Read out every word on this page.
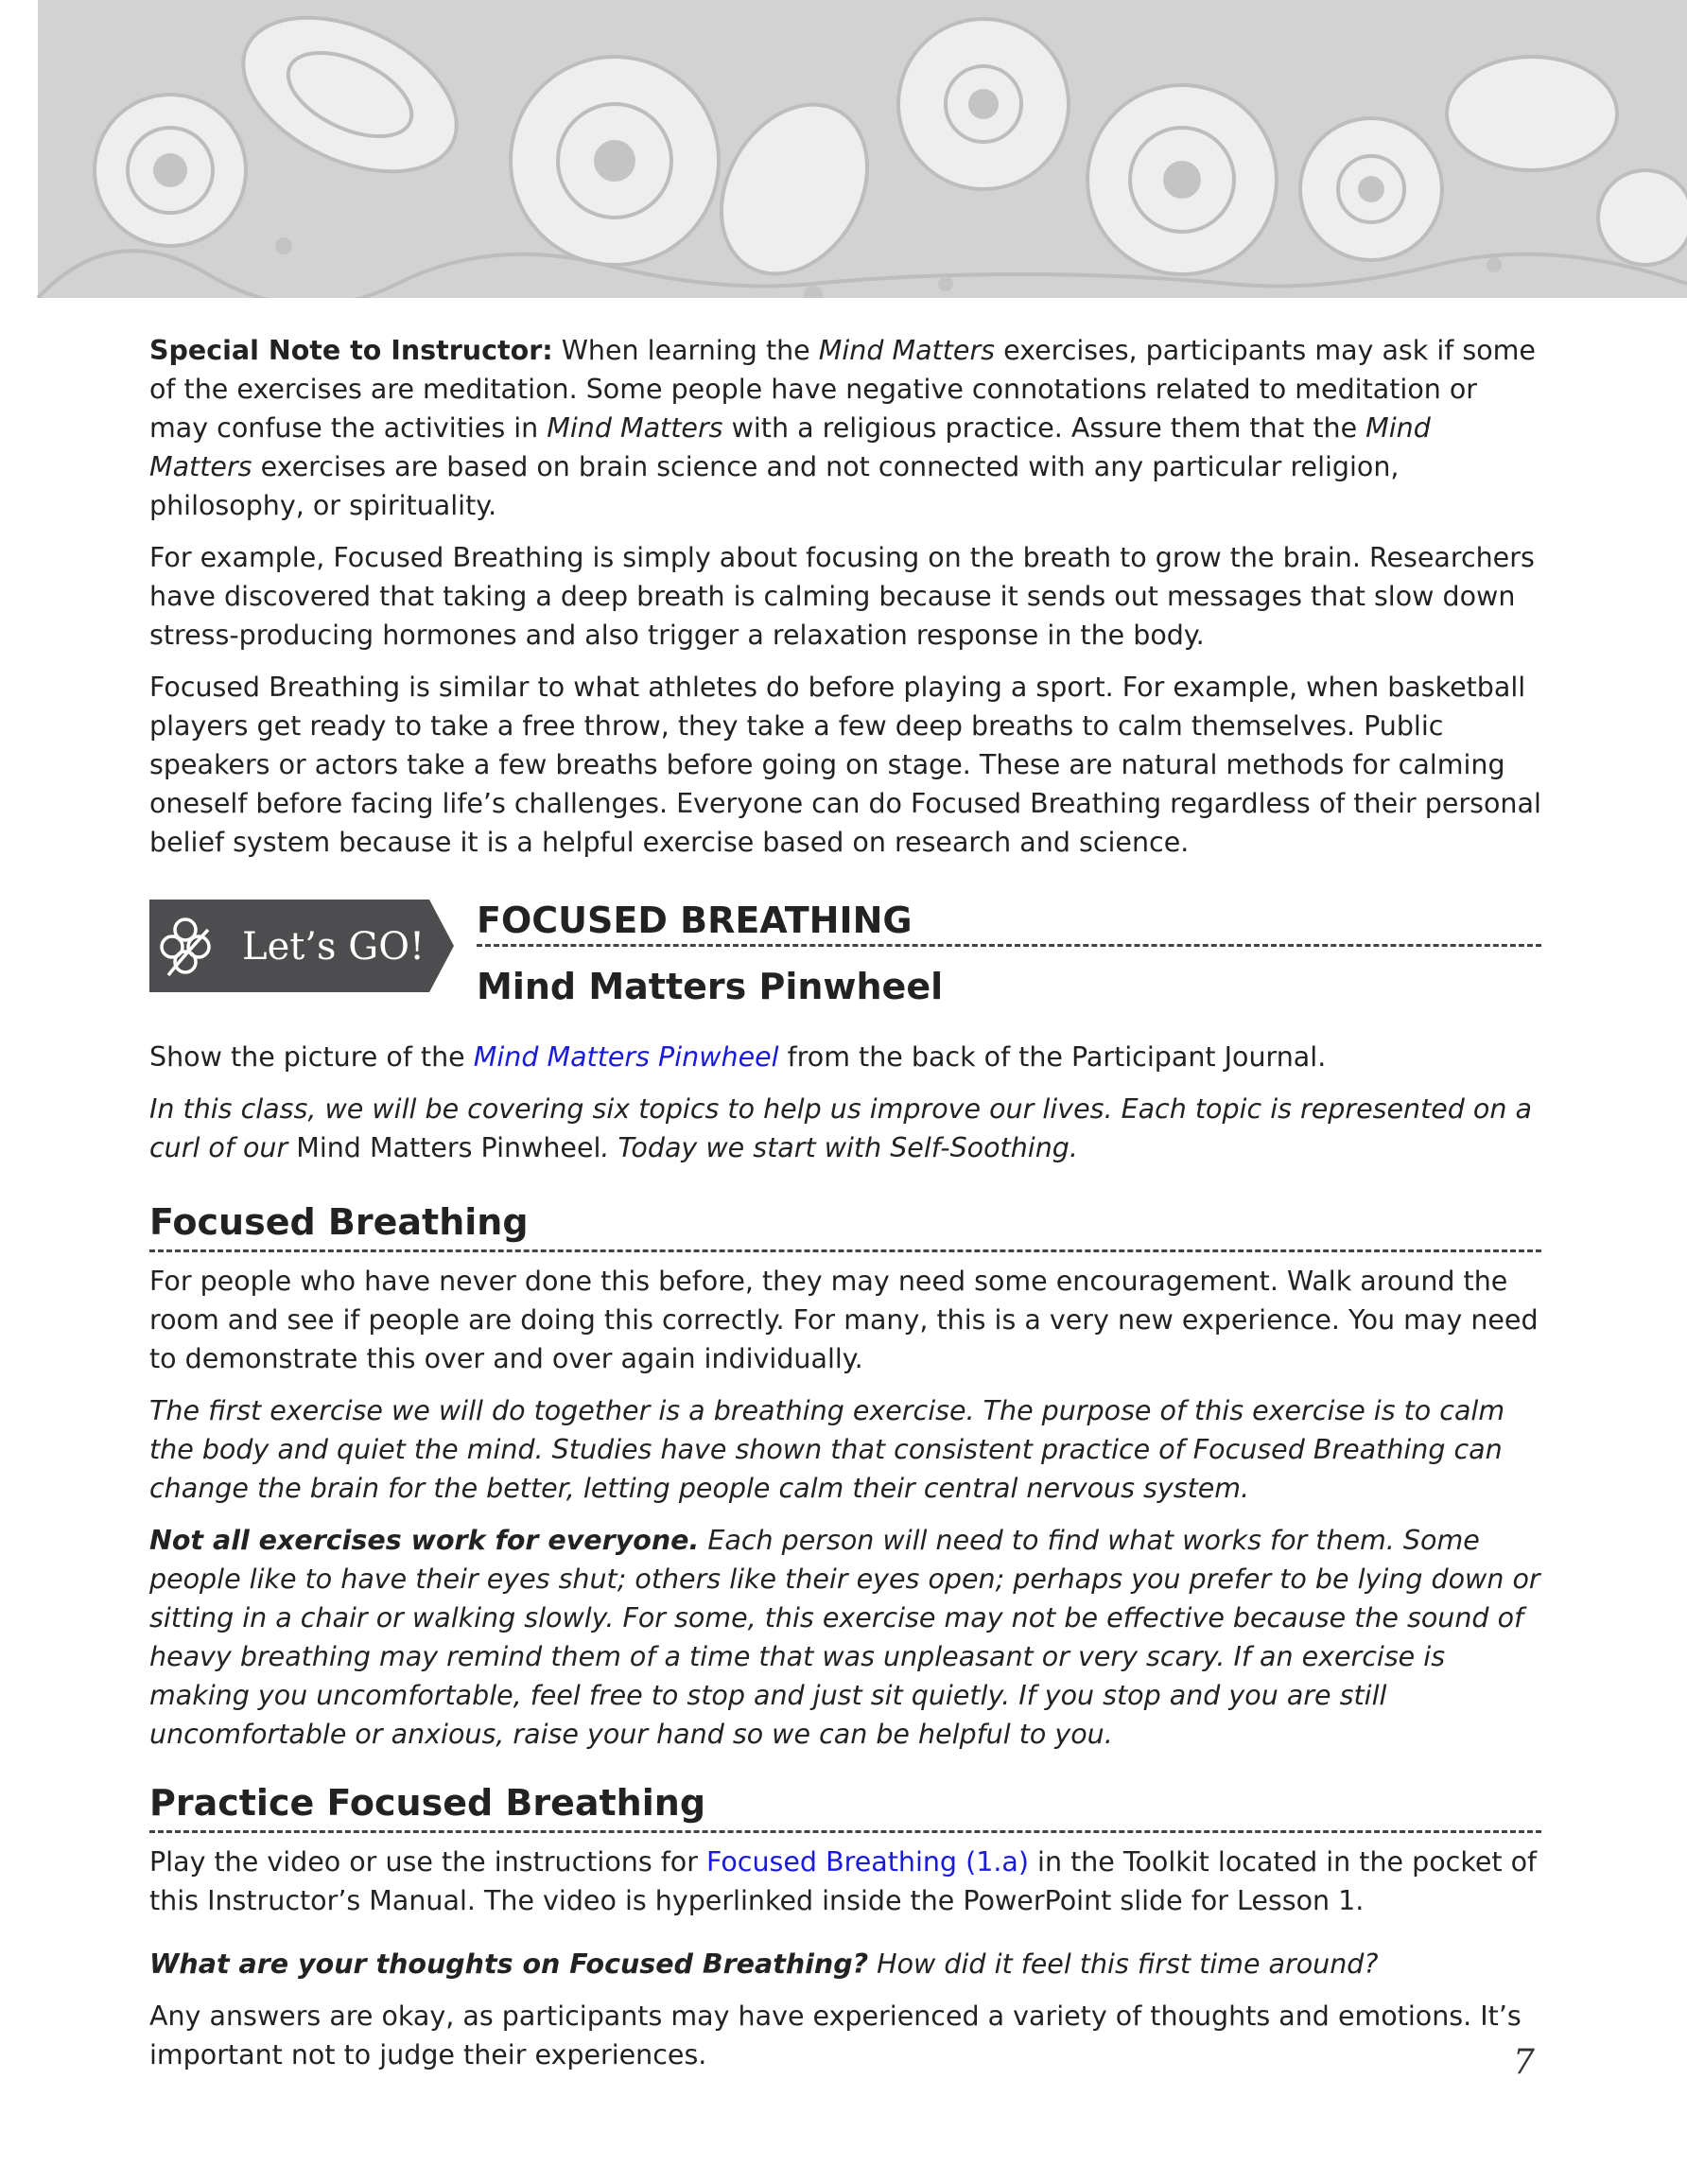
Special Note to Instructor: When learning the Mind Matters exercises, participants may ask if some of the exercises are meditation. Some people have negative connotations related to meditation or may confuse the activities in Mind Matters with a religious practice. Assure them that the Mind Matters exercises are based on brain science and not connected with any particular religion, philosophy, or spirituality.

For example, Focused Breathing is simply about focusing on the breath to grow the brain. Researchers have discovered that taking a deep breath is calming because it sends out messages that slow down stress-producing hormones and also trigger a relaxation response in the body.

Focused Breathing is similar to what athletes do before playing a sport. For example, when basketball players get ready to take a free throw, they take a few deep breaths to calm themselves. Public speakers or actors take a few breaths before going on stage. These are natural methods for calming oneself before facing life’s challenges. Everyone can do Focused Breathing regardless of their personal belief system because it is a helpful exercise based on research and science.

Let’s GO!
FOCUSED BREATHING
Mind Matters Pinwheel

Show the picture of the Mind Matters Pinwheel from the back of the Participant Journal.

In this class, we will be covering six topics to help us improve our lives. Each topic is represented on a curl of our Mind Matters Pinwheel. Today we start with Self-Soothing.

Focused Breathing

For people who have never done this before, they may need some encouragement. Walk around the room and see if people are doing this correctly. For many, this is a very new experience. You may need to demonstrate this over and over again individually.

The first exercise we will do together is a breathing exercise. The purpose of this exercise is to calm the body and quiet the mind. Studies have shown that consistent practice of Focused Breathing can change the brain for the better, letting people calm their central nervous system.

Not all exercises work for everyone. Each person will need to find what works for them. Some people like to have their eyes shut; others like their eyes open; perhaps you prefer to be lying down or sitting in a chair or walking slowly. For some, this exercise may not be effective because the sound of heavy breathing may remind them of a time that was unpleasant or very scary. If an exercise is making you uncomfortable, feel free to stop and just sit quietly. If you stop and you are still uncomfortable or anxious, raise your hand so we can be helpful to you.

Practice Focused Breathing

Play the video or use the instructions for Focused Breathing (1.a) in the Toolkit located in the pocket of this Instructor’s Manual. The video is hyperlinked inside the PowerPoint slide for Lesson 1.

What are your thoughts on Focused Breathing? How did it feel this first time around?

Any answers are okay, as participants may have experienced a variety of thoughts and emotions. It’s important not to judge their experiences.	7
